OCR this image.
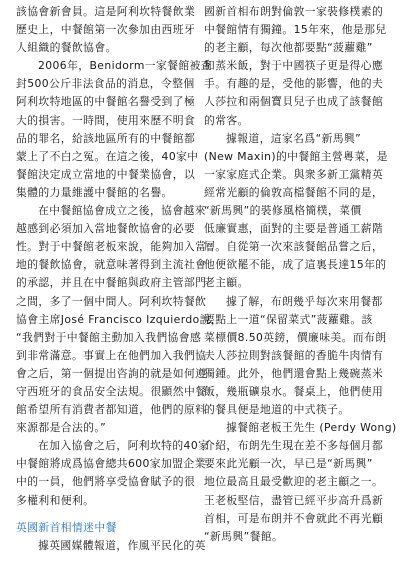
該協會新會員。這是阿利坎特餐飲業
歷史上，中餐館第一次參加由西班牙
人組織的餐飲協會。
2006年，Benidorm一家餐館被查
封500公斤非法食品的消息，令整個
阿利坎特地區的中餐館名譽受到了極
大的損害。一時間，使用來歷不明食
品的罪名，給該地區所有的中餐館都
蒙上了不白之冤。在這之後，40家中
餐館決定成立當地的中餐業協會，以
集體的力量維護中餐館的名譽。
在中餐館協會成立之後，協會越來
越感到必須加入當地餐飲協會的必要
性。對于中餐館老板來說，能夠加入當
地的餐飲協會，就意味著得到主流社會
的承認，并且在中餐館與政府主管部門
之間，多了一個中間人。阿利坎特餐飲
協會主席José Francisco Izquierdo說，
“我們對于中餐館主動加入我們協會感
到非常滿意。事實上在他們加入我們協
會之后，第一個提出咨詢的就是如何遵
守西班牙的食品安全法規。很顯然中餐
館希望所有消費者都知道，他們的原料
來源都是合法的。”
在加入協會之后，阿利坎特的40家
中餐館將成爲協會總共600家加盟企業
中的一員，他們將享受協會賦予的很
多權利和便利。
英國新首相情迷中餐
據英國媒體報道，作風平民化的英
國新首相布朗對倫敦一家裝修樸素的
中餐館情有獨鐘。15年來，他是那兒
的老主顧，每次他都要點“菠蘿雞”
和蒸米飯，對于中國筷子更是得心應
手。有趣的是，受他的影響，他的夫
人莎拉和兩個寶貝兒子也成了該餐館
的常客。
據報道，這家名爲“新馬興”
(New Maxin)的中餐館主營粵菜，是
一家家庭式企業。與衆多新工黨精英
經常光顧的倫敦高檔餐館不同的是，
“新馬興”的裝修風格簡樸，菜價
低廉實惠，面對的主要是普通工薪階
層。自從第一次來該餐館品嘗之后，
他便欲罷不能，成了這裏長達15年的
老主顧。
據了解，布朗幾乎每次來用餐都
要點上一道“保留菜式”菠蘿雞。該
菜標價8.50英鎊，價廉味美。而布朗
夫人莎拉則對該餐館的香脆牛肉情有
獨鍾。此外，他們還會點上幾碗蒸米
飯，幾瓶礦泉水。餐桌上，他們使用
的餐具便是地道的中式筷子。
據餐館老板王先生 (Perdy Wong)
介紹，布朗先生現在差不多每個月都
要來此光顧一次，早已是“新馬興”
地位最高且最受歡迎的老主顧之一。
王老板堅信，盡管已經平步高升爲新
首相，可是布朗并不會就此不再光顧
“新馬興”餐館。
